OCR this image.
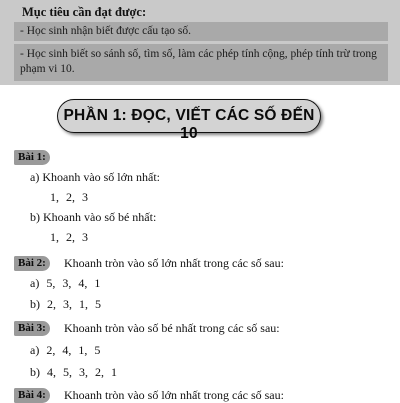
Mục tiêu cần đạt được:
- Học sinh nhận biết được cấu tạo số.
- Học sinh biết so sánh số, tìm số, làm các phép tính cộng, phép tính trừ trong phạm vi 10.
PHẦN 1: ĐỌC, VIẾT CÁC SỐ ĐẾN 10
Bài 1:
a) Khoanh vào số lớn nhất:
1, 2, 3
b) Khoanh vào số bé nhất:
1, 2, 3
Bài 2:	Khoanh tròn vào số lớn nhất trong các số sau:
a) 5, 3, 4, 1
b) 2, 3, 1, 5
Bài 3:	Khoanh tròn vào số bé nhất trong các số sau:
a) 2, 4, 1, 5
b) 4, 5, 3, 2, 1
Bài 4:	Khoanh tròn vào số lớn nhất trong các số sau:
